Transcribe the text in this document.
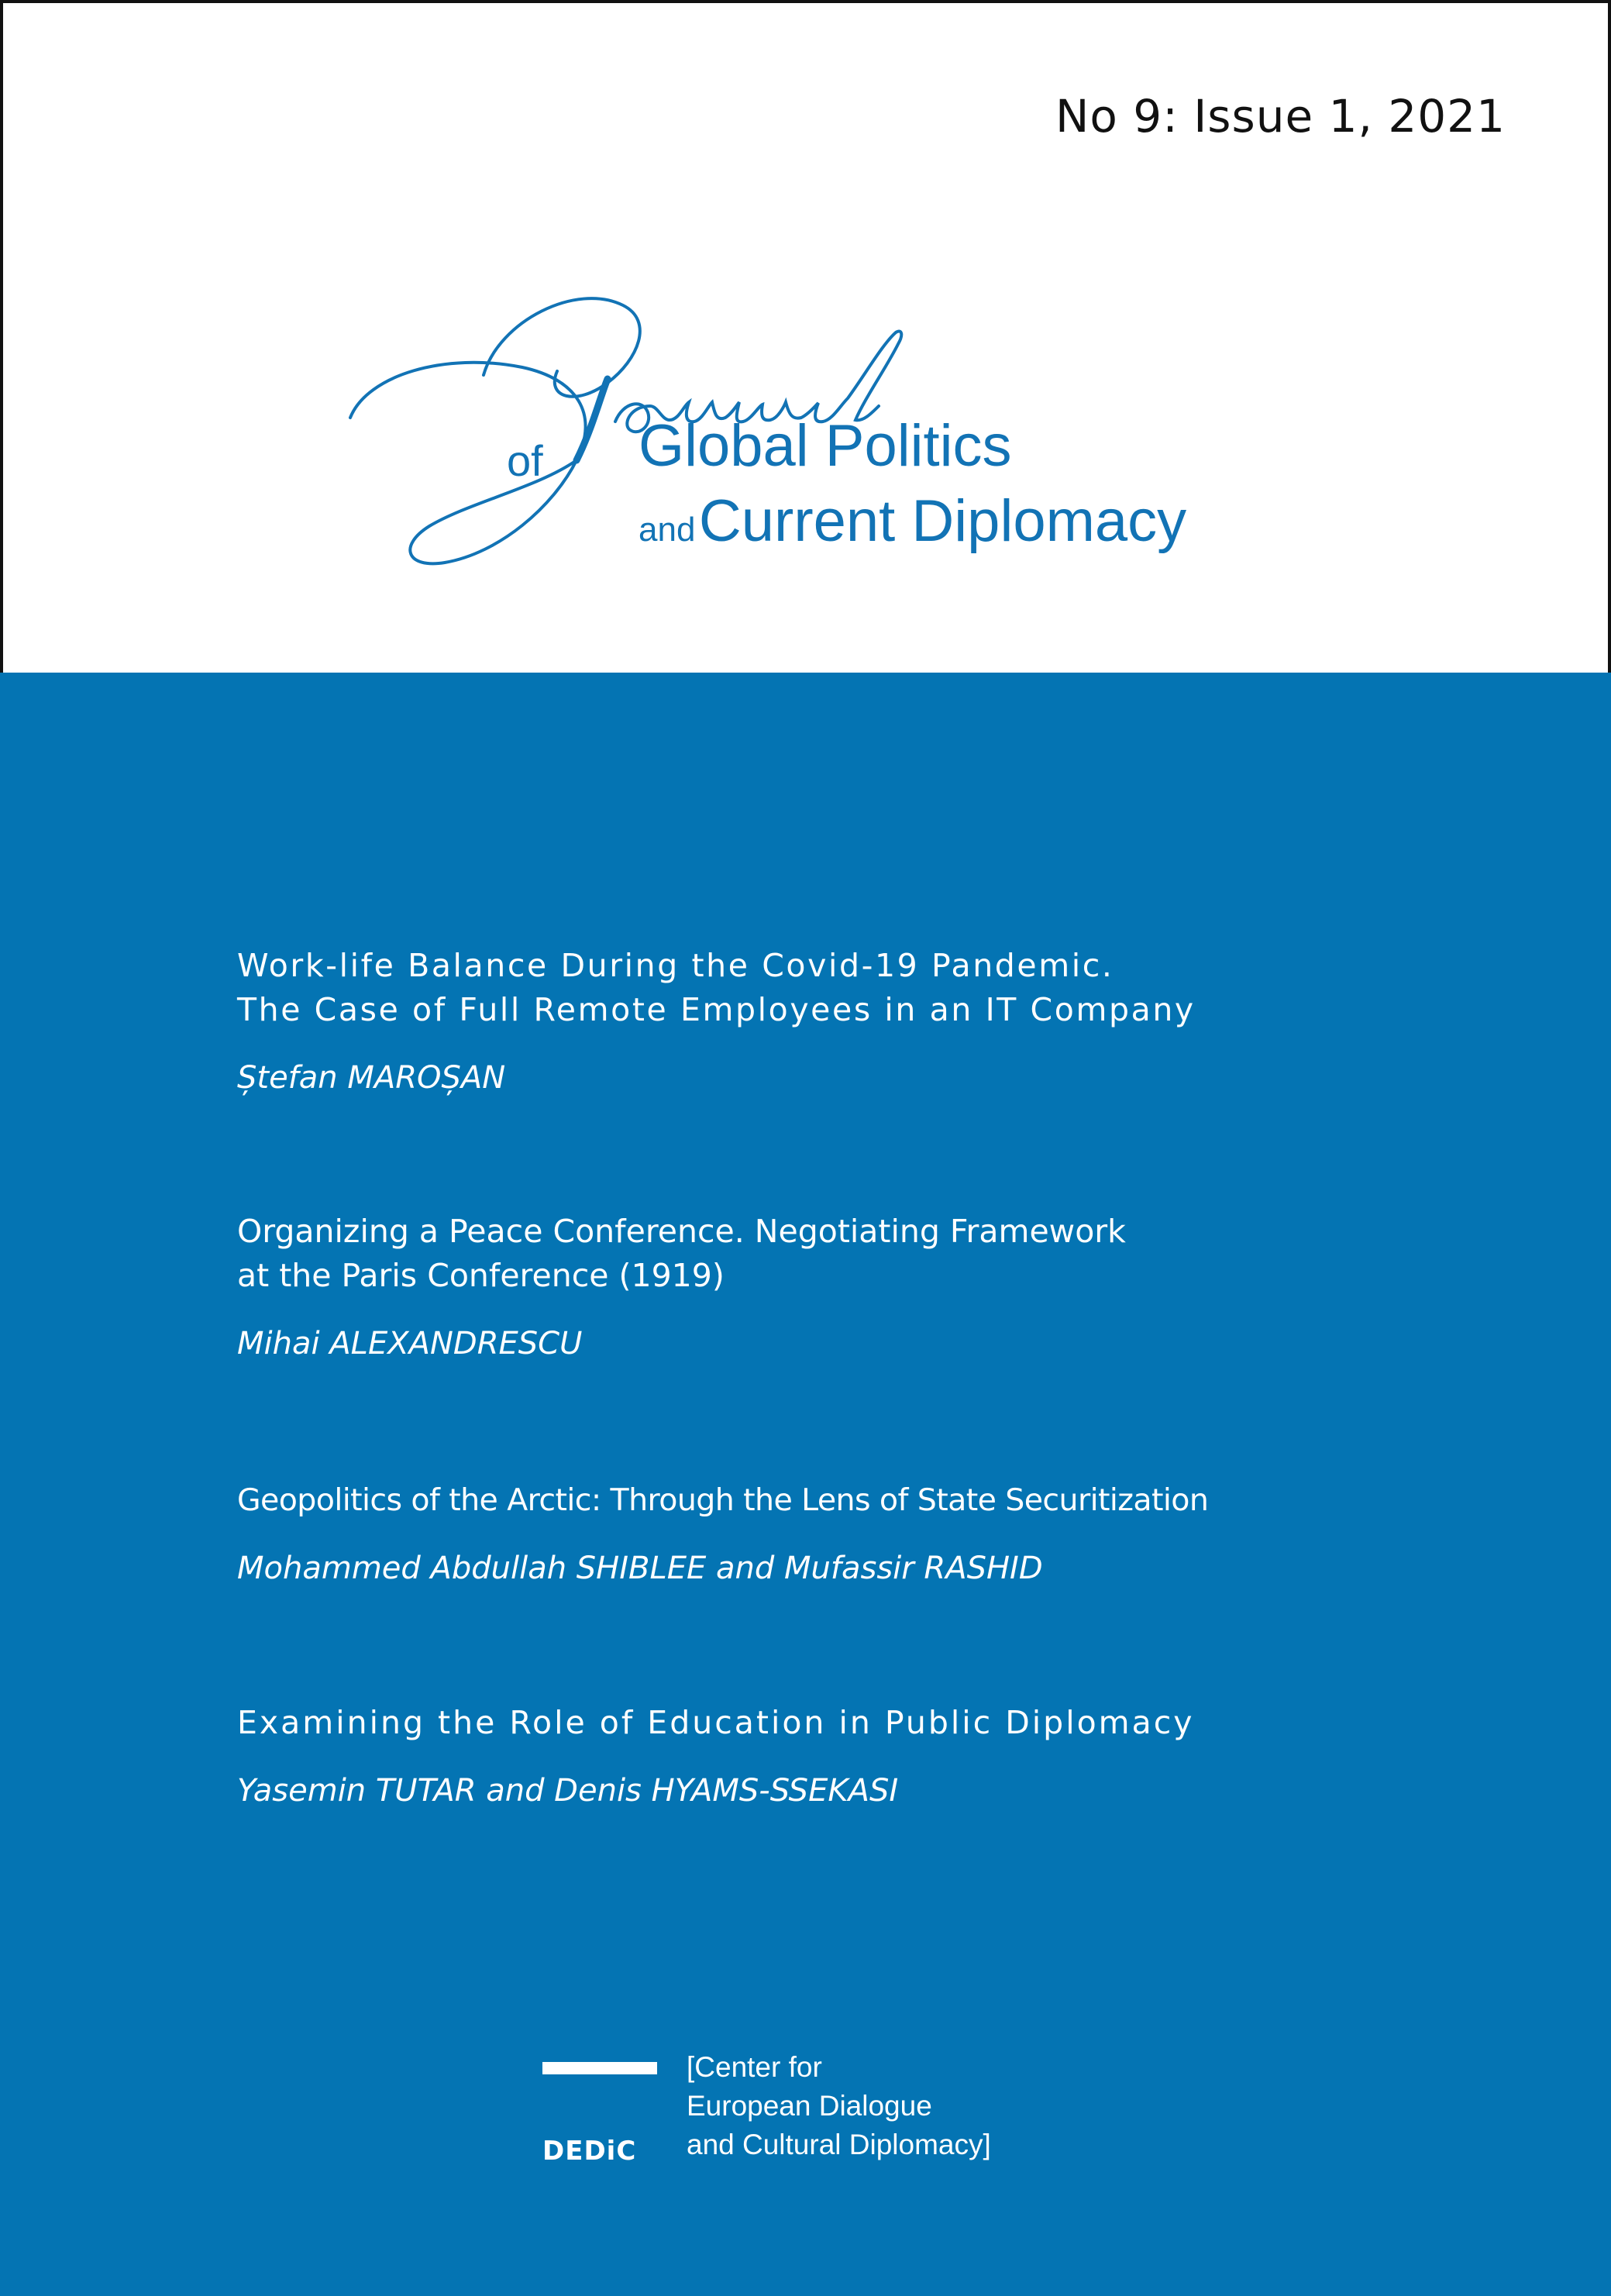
No 9: Issue 1, 2021
of Global Politics
and Current Diplomacy

Work-life Balance During the Covid-19 Pandemic.
The Case of Full Remote Employees in an IT Company

Ștefan MAROȘAN

Organizing a Peace Conference. Negotiating Framework
at the Paris Conference (1919)

Mihai ALEXANDRESCU

Geopolitics of the Arctic: Through the Lens of State Securitization

Mohammed Abdullah SHIBLEE and Mufassir RASHID

Examining the Role of Education in Public Diplomacy

Yasemin TUTAR and Denis HYAMS-SSEKASI
DEDiC
[Center for
European Dialogue
and Cultural Diplomacy]
